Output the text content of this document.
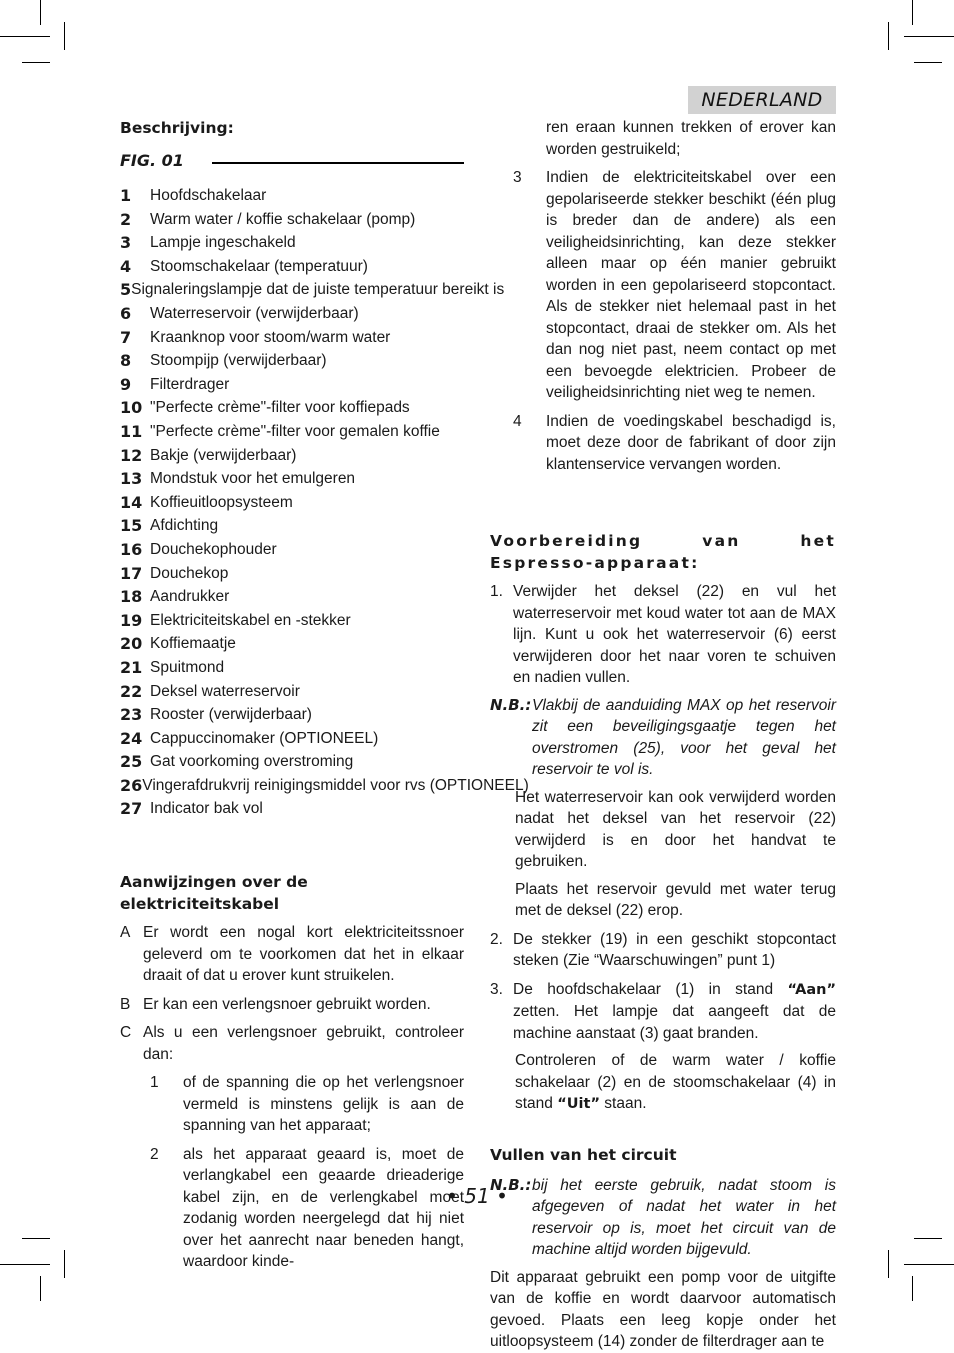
NEDERLAND
Beschrijving:
FIG. 01
1	Hoofdschakelaar
2	Warm water / koffie schakelaar (pomp)
3	Lampje ingeschakeld
4	Stoomschakelaar (temperatuur)
5 Signaleringslampje dat de juiste temperatuur bereikt is
6	Waterreservoir (verwijderbaar)
7	Kraanknop voor stoom/warm water
8	Stoompijp (verwijderbaar)
9	Filterdrager
10 "Perfecte crème"-filter voor koffiepads
11 "Perfecte crème"-filter voor gemalen koffie
12 Bakje (verwijderbaar)
13 Mondstuk voor het emulgeren
14 Koffieuitloopsysteem
15 Afdichting
16 Douchekophouder
17 Douchekop
18 Aandrukker
19 Elektriciteitskabel en -stekker
20 Koffiemaatje
21 Spuitmond
22 Deksel waterreservoir
23 Rooster (verwijderbaar)
24 Cappuccinomaker (OPTIONEEL)
25 Gat voorkoming overstroming
26 Vingerafdrukvrij reinigingsmiddel voor rvs (OPTIONEEL)
27 Indicator bak vol
Aanwijzingen over de elektriciteitskabel
A Er wordt een nogal kort elektriciteitssnoer geleverd om te voorkomen dat het in elkaar draait of dat u erover kunt struikelen.
B Er kan een verlengsnoer gebruikt worden.
C Als u een verlengsnoer gebruikt, controleer dan:
1	of de spanning die op het verlengsnoer vermeld is minstens gelijk is aan de spanning van het apparaat;
2	als het apparaat geaard is, moet de verlangkabel een geaarde drieaderige kabel zijn, en de verlengkabel moet zodanig worden neergelegd dat hij niet over het aanrecht naar beneden hangt, waardoor kinde-

ren eraan kunnen trekken of erover kan worden gestruikeld;

3	Indien de elektriciteitskabel over een gepolariseerde stekker beschikt (één plug is breder dan de andere) als een veiligheidsinrichting, kan deze stekker alleen maar op één manier gebruikt worden in een gepolariseerd stopcontact. Als de stekker niet helemaal past in het stopcontact, draai de stekker om. Als het dan nog niet past, neem contact op met een bevoegde elektricien. Probeer de veiligheidsinrichting niet weg te nemen.
4	Indien de voedingskabel beschadigd is, moet deze door de fabrikant of door zijn klantenservice vervangen worden.
Voorbereiding van het Espresso-apparaat:
1. Verwijder het deksel (22) en vul het waterreservoir met koud water tot aan de MAX lijn. Kunt u ook het waterreservoir (6) eerst verwijderen door het naar voren te schuiven en nadien vullen.
N.B.: Vlakbij de aanduiding MAX op het reservoir zit een beveiligingsgaatje tegen het overstromen (25), voor het geval het reservoir te vol is.

Het waterreservoir kan ook verwijderd worden nadat het deksel van het reservoir (22) verwijderd is en door het handvat te gebruiken.

Plaats het reservoir gevuld met water terug met de deksel (22) erop.

2. De stekker (19) in een geschikt stopcontact steken (Zie “Waarschuwingen” punt 1)
3. De hoofdschakelaar (1) in stand “Aan” zetten. Het lampje dat aangeeft dat de machine aanstaat (3) gaat branden.

Controleren of de warm water / koffie schakelaar (2) en de stoomschakelaar (4) in stand “Uit” staan.

Vullen van het circuit
N.B.: bij het eerste gebruik, nadat stoom is afgegeven of nadat het water in het reservoir op is, moet het circuit van de machine altijd worden bijgevuld.

Dit apparaat gebruikt een pomp voor de uitgifte van de koffie en wordt daarvoor automatisch gevoed. Plaats een leeg kopje onder het uitloopsysteem (14) zonder de filterdrager aan te

• 51 •
